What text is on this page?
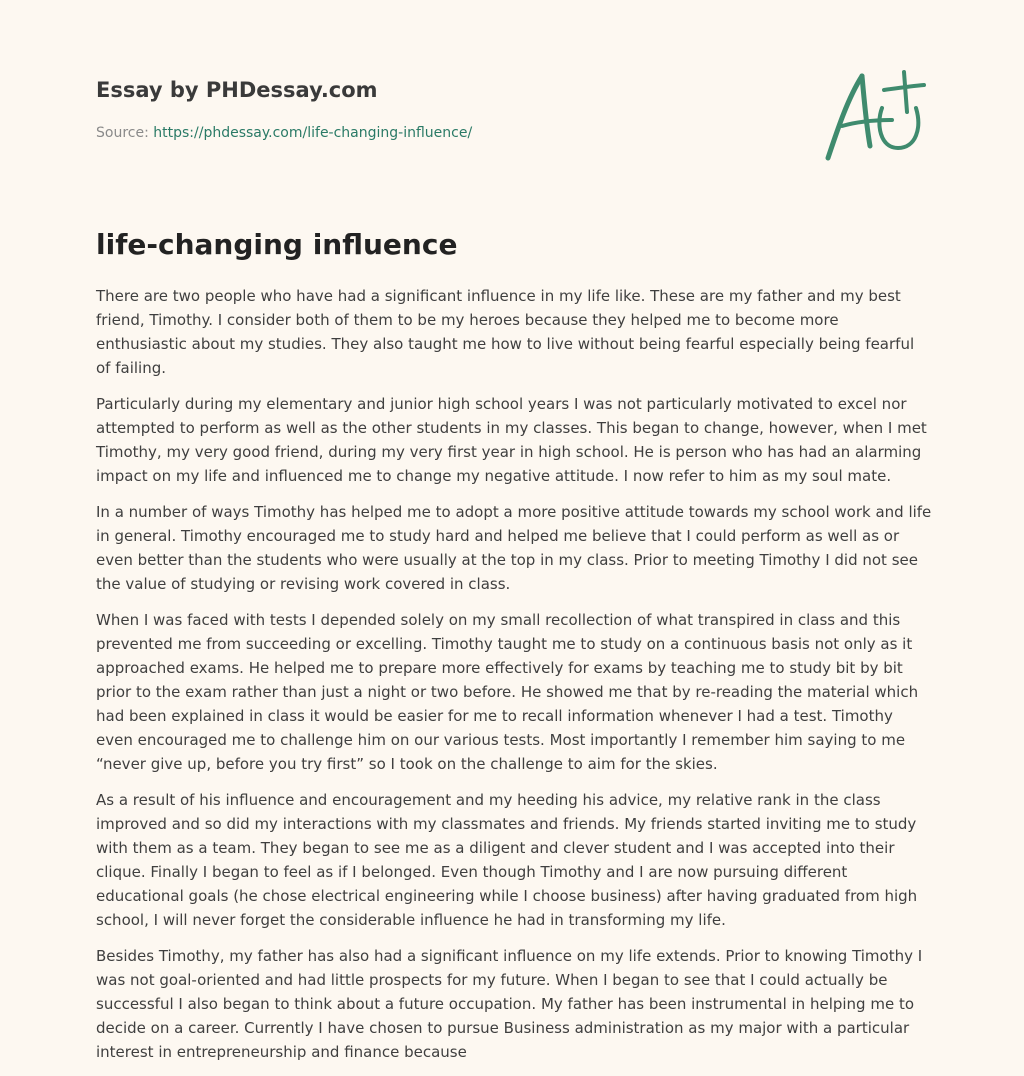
Essay by PHDessay.com
Source: https://phdessay.com/life-changing-influence/
life-changing influence

There are two people who have had a significant influence in my life like. These are my father and my best friend, Timothy. I consider both of them to be my heroes because they helped me to become more enthusiastic about my studies. They also taught me how to live without being fearful especially being fearful of failing.

Particularly during my elementary and junior high school years I was not particularly motivated to excel nor attempted to perform as well as the other students in my classes. This began to change, however, when I met Timothy, my very good friend, during my very first year in high school. He is person who has had an alarming impact on my life and influenced me to change my negative attitude. I now refer to him as my soul mate.

In a number of ways Timothy has helped me to adopt a more positive attitude towards my school work and life in general. Timothy encouraged me to study hard and helped me believe that I could perform as well as or even better than the students who were usually at the top in my class. Prior to meeting Timothy I did not see the value of studying or revising work covered in class.

When I was faced with tests I depended solely on my small recollection of what transpired in class and this prevented me from succeeding or excelling. Timothy taught me to study on a continuous basis not only as it approached exams. He helped me to prepare more effectively for exams by teaching me to study bit by bit prior to the exam rather than just a night or two before. He showed me that by re-reading the material which had been explained in class it would be easier for me to recall information whenever I had a test. Timothy even encouraged me to challenge him on our various tests. Most importantly I remember him saying to me “never give up, before you try first” so I took on the challenge to aim for the skies.

As a result of his influence and encouragement and my heeding his advice, my relative rank in the class improved and so did my interactions with my classmates and friends. My friends started inviting me to study with them as a team. They began to see me as a diligent and clever student and I was accepted into their clique. Finally I began to feel as if I belonged. Even though Timothy and I are now pursuing different educational goals (he chose electrical engineering while I choose business) after having graduated from high school, I will never forget the considerable influence he had in transforming my life.

Besides Timothy, my father has also had a significant influence on my life extends. Prior to knowing Timothy I was not goal-oriented and had little prospects for my future. When I began to see that I could actually be successful I also began to think about a future occupation. My father has been instrumental in helping me to decide on a career. Currently I have chosen to pursue Business administration as my major with a particular interest in entrepreneurship and finance because
